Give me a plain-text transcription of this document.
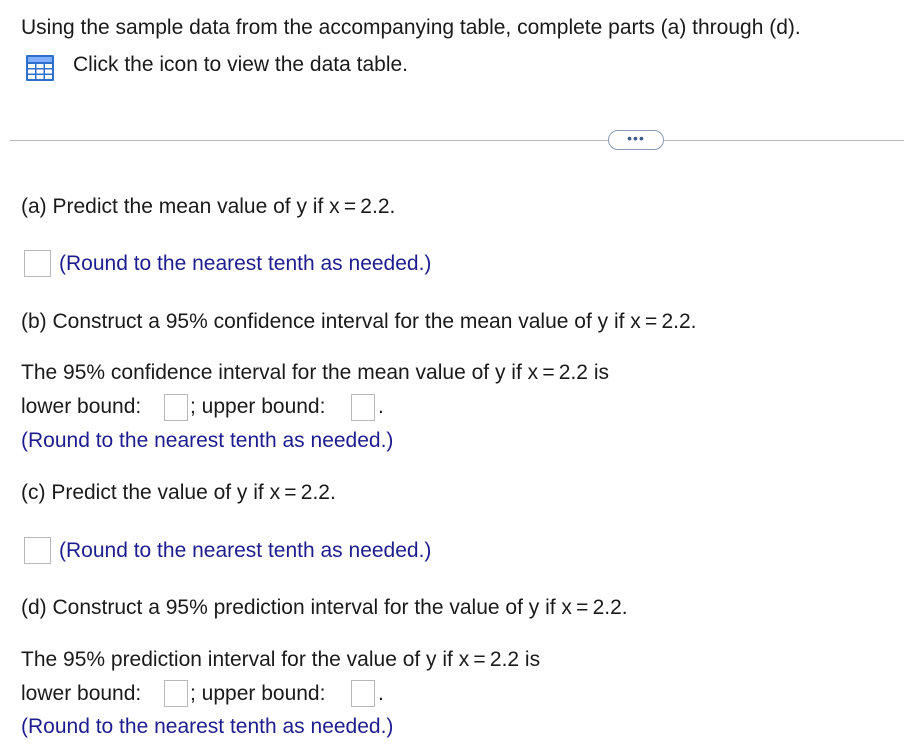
Using the sample data from the accompanying table, complete parts (a) through (d).
Click the icon to view the data table.
•••
(a) Predict the mean value of y if x = 2.2.
(Round to the nearest tenth as needed.)
(b) Construct a 95% confidence interval for the mean value of y if x = 2.2.
The 95% confidence interval for the mean value of y if x = 2.2 is
lower bound: ; upper bound:	.
(Round to the nearest tenth as needed.)
(c) Predict the value of y if x = 2.2.
(Round to the nearest tenth as needed.)
(d) Construct a 95% prediction interval for the value of y if x = 2.2.
The 95% prediction interval for the value of y if x = 2.2 is
lower bound: ; upper bound:	.
(Round to the nearest tenth as needed.)
